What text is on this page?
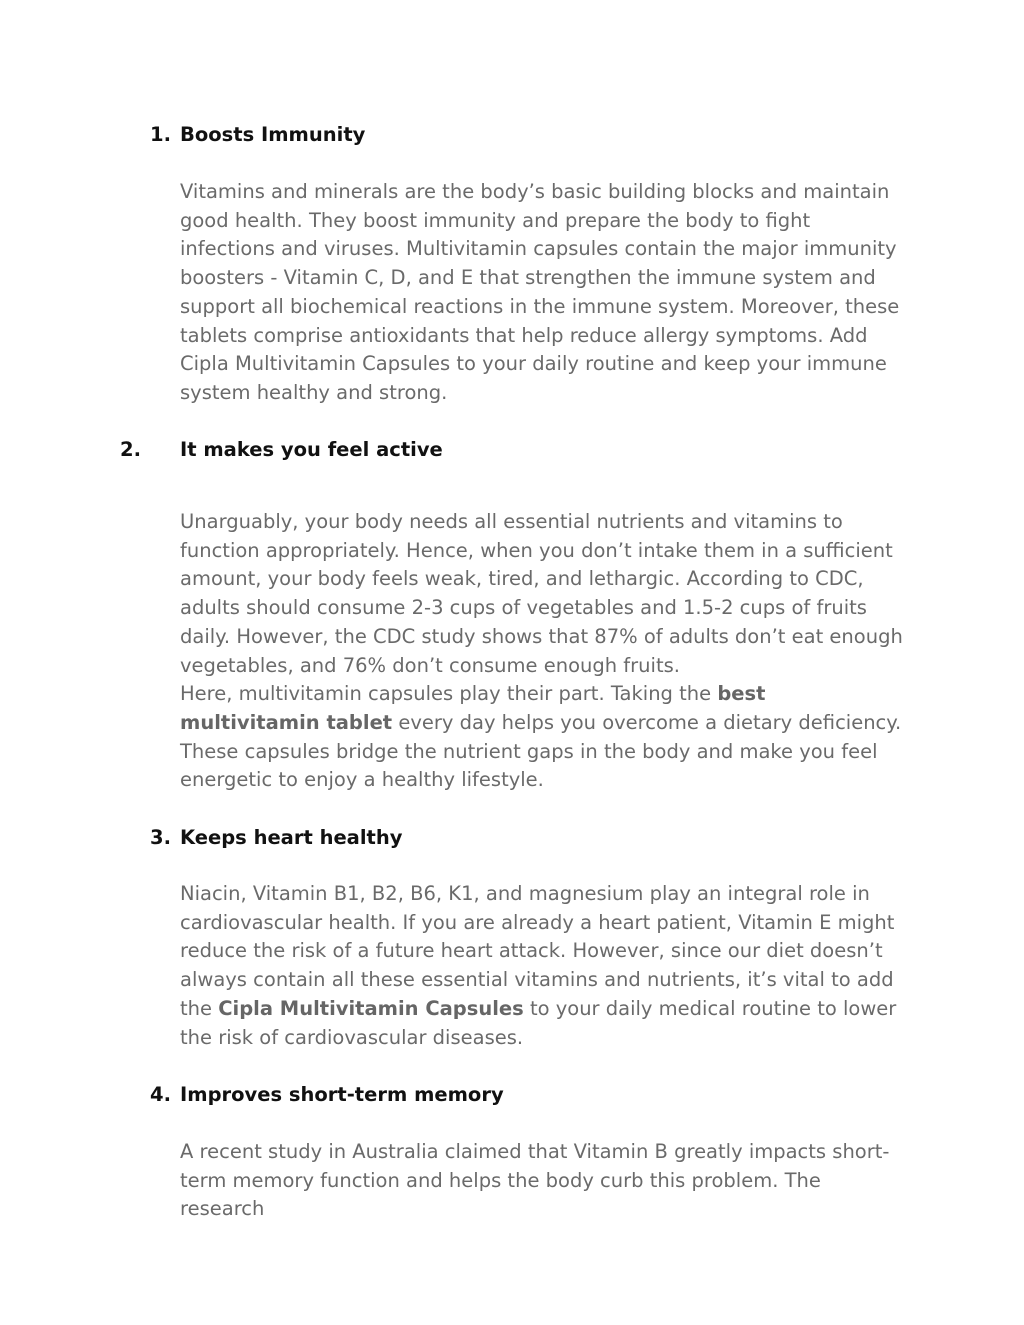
1. Boosts Immunity
Vitamins and minerals are the body’s basic building blocks and maintain good health. They boost immunity and prepare the body to fight infections and viruses. Multivitamin capsules contain the major immunity boosters - Vitamin C, D, and E that strengthen the immune system and support all biochemical reactions in the immune system. Moreover, these tablets comprise antioxidants that help reduce allergy symptoms. Add Cipla Multivitamin Capsules to your daily routine and keep your immune system healthy and strong.
2. It makes you feel active
Unarguably, your body needs all essential nutrients and vitamins to function appropriately. Hence, when you don’t intake them in a sufficient amount, your body feels weak, tired, and lethargic. According to CDC, adults should consume 2-3 cups of vegetables and 1.5-2 cups of fruits daily. However, the CDC study shows that 87% of adults don’t eat enough vegetables, and 76% don’t consume enough fruits.
Here, multivitamin capsules play their part. Taking the best multivitamin tablet every day helps you overcome a dietary deficiency. These capsules bridge the nutrient gaps in the body and make you feel energetic to enjoy a healthy lifestyle.
3. Keeps heart healthy
Niacin, Vitamin B1, B2, B6, K1, and magnesium play an integral role in cardiovascular health. If you are already a heart patient, Vitamin E might reduce the risk of a future heart attack. However, since our diet doesn’t always contain all these essential vitamins and nutrients, it’s vital to add the Cipla Multivitamin Capsules to your daily medical routine to lower the risk of cardiovascular diseases.
4. Improves short-term memory
A recent study in Australia claimed that Vitamin B greatly impacts short-term memory function and helps the body curb this problem. The research
